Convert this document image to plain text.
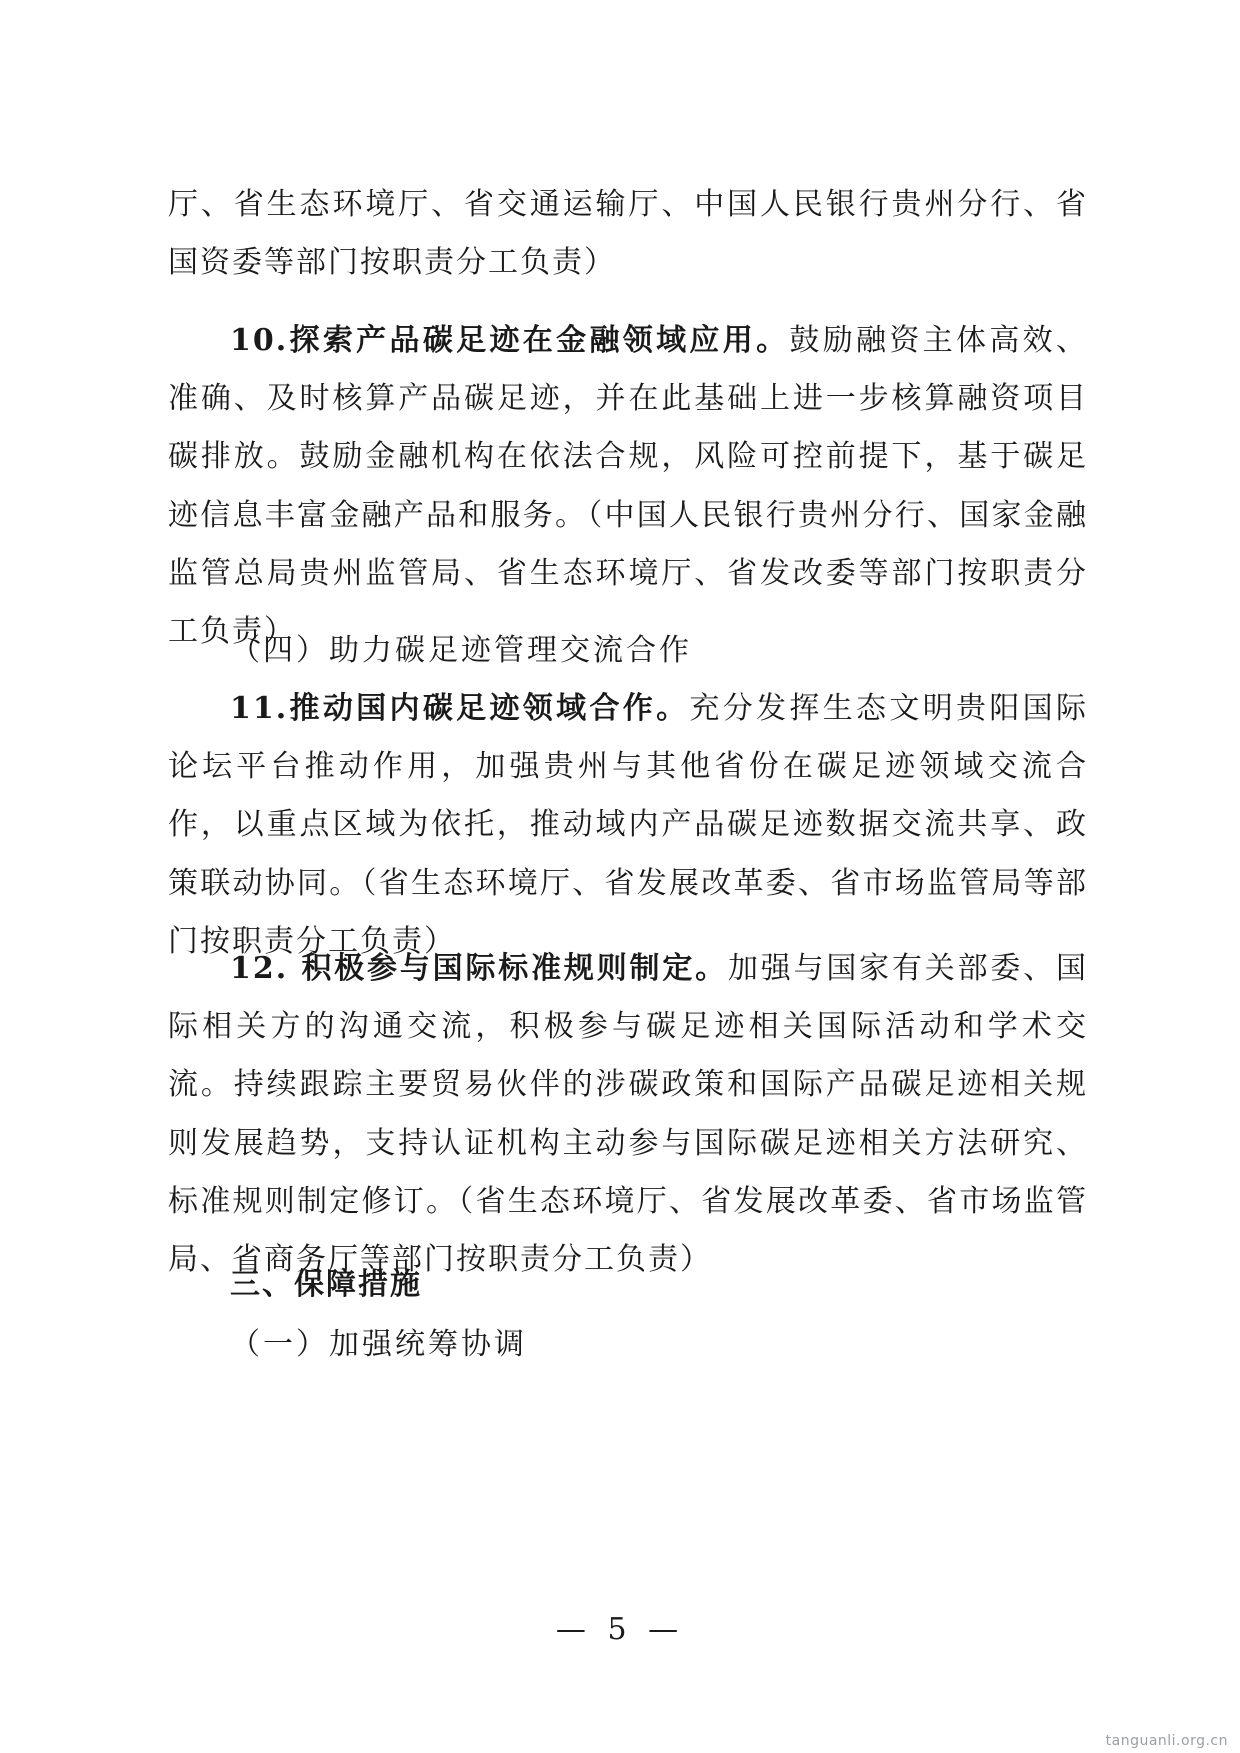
厅、省生态环境厅、省交通运输厅、中国人民银行贵州分行、省国资委等部门按职责分工负责）

10.探索产品碳足迹在金融领域应用。鼓励融资主体高效、准确、及时核算产品碳足迹，并在此基础上进一步核算融资项目碳排放。鼓励金融机构在依法合规，风险可控前提下，基于碳足迹信息丰富金融产品和服务。（中国人民银行贵州分行、国家金融监管总局贵州监管局、省生态环境厅、省发改委等部门按职责分工负责）

（四）助力碳足迹管理交流合作

11.推动国内碳足迹领域合作。充分发挥生态文明贵阳国际论坛平台推动作用，加强贵州与其他省份在碳足迹领域交流合作，以重点区域为依托，推动域内产品碳足迹数据交流共享、政策联动协同。（省生态环境厅、省发展改革委、省市场监管局等部门按职责分工负责）

12. 积极参与国际标准规则制定。加强与国家有关部委、国际相关方的沟通交流，积极参与碳足迹相关国际活动和学术交流。持续跟踪主要贸易伙伴的涉碳政策和国际产品碳足迹相关规则发展趋势，支持认证机构主动参与国际碳足迹相关方法研究、标准规则制定修订。（省生态环境厅、省发展改革委、省市场监管局、省商务厅等部门按职责分工负责）

三、保障措施
（一）加强统筹协调
— 5 —
tanguanli.org.cn
